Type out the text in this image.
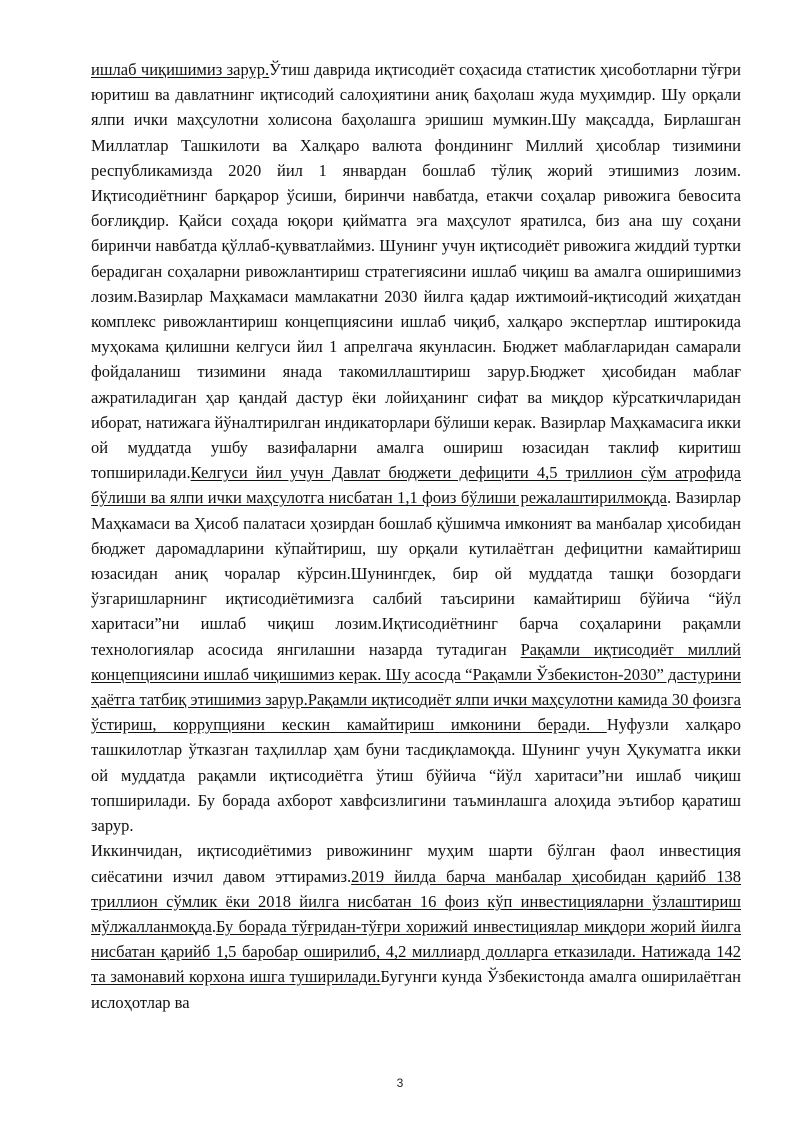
ишлаб чиқишимиз зарур.Ўтиш даврида иқтисодиёт соҳасида статистик ҳисоботларни тўғри юритиш ва давлатнинг иқтисодий салоҳиятини аниқ баҳолаш жуда муҳимдир. Шу орқали ялпи ички маҳсулотни холисона баҳолашга эришиш мумкин.Шу мақсадда, Бирлашган Миллатлар Ташкилоти ва Халқаро валюта фондининг Миллий ҳисоблар тизимини республикамизда 2020 йил 1 январдан бошлаб тўлиқ жорий этишимиз лозим. Иқтисодиётнинг барқарор ўсиши, биринчи навбатда, етакчи соҳалар ривожига бевосита боғлиқдир. Қайси соҳада юқори қийматга эга маҳсулот яратилса, биз ана шу соҳани биринчи навбатда қўллаб-қувватлаймиз. Шунинг учун иқтисодиёт ривожига жиддий туртки берадиган соҳаларни ривожлантириш стратегиясини ишлаб чиқиш ва амалга оширишимиз лозим.Вазирлар Маҳкамаси мамлакатни 2030 йилга қадар ижтимоий-иқтисодий жиҳатдан комплекс ривожлантириш концепциясини ишлаб чиқиб, халқаро экспертлар иштирокида муҳокама қилишни келгуси йил 1 апрелгача якунласин. Бюджет маблағларидан самарали фойдаланиш тизимини янада такомиллаштириш зарур.Бюджет ҳисобидан маблағ ажратиладиган ҳар қандай дастур ёки лойиҳанинг сифат ва миқдор кўрсаткичларидан иборат, натижага йўналтирилган индикаторлари бўлиши керак. Вазирлар Маҳкамасига икки ой муддатда ушбу вазифаларни амалга ошириш юзасидан таклиф киритиш топширилади.Келгуси йил учун Давлат бюджети дефицити 4,5 триллион сўм атрофида бўлиши ва ялпи ички маҳсулотга нисбатан 1,1 фоиз бўлиши режалаштирилмоқда. Вазирлар Маҳкамаси ва Ҳисоб палатаси ҳозирдан бошлаб қўшимча имконият ва манбалар ҳисобидан бюджет даромадларини кўпайтириш, шу орқали кутилаётган дефицитни камайтириш юзасидан аниқ чоралар кўрсин.Шунингдек, бир ой муддатда ташқи бозордаги ўзгаришларнинг иқтисодиётимизга салбий таъсирини камайтириш бўйича “йўл харитаси”ни ишлаб чиқиш лозим.Иқтисодиётнинг барча соҳаларини рақамли технологиялар асосида янгилашни назарда тутадиган Рақамли иқтисодиёт миллий концепциясини ишлаб чиқишимиз керак. Шу асосда “Рақамли Ўзбекистон-2030” дастурини ҳаётга татбиқ этишимиз зарур.Рақамли иқтисодиёт ялпи ички маҳсулотни камида 30 фоизга ўстириш, коррупцияни кескин камайтириш имконини беради. Нуфузли халқаро ташкилотлар ўтказган таҳлиллар ҳам буни тасдиқламоқда. Шунинг учун Ҳукуматга икки ой муддатда рақамли иқтисодиётга ўтиш бўйича “йўл харитаси”ни ишлаб чиқиш топширилади. Бу борада ахборот хавфсизлигини таъминлашга алоҳида эътибор қаратиш зарур.

Иккинчидан, иқтисодиётимиз ривожининг муҳим шарти бўлган фаол инвестиция сиёсатини изчил давом эттирамиз.2019 йилда барча манбалар ҳисобидан қарийб 138 триллион сўмлик ёки 2018 йилга нисбатан 16 фоиз кўп инвестицияларни ўзлаштириш мўлжалланмоқда.Бу борада тўғридан-тўғри хорижий инвестициялар миқдори жорий йилга нисбатан қарийб 1,5 баробар оширилиб, 4,2 миллиард долларга етказилади. Натижада 142 та замонавий корхона ишга туширилади.Бугунги кунда Ўзбекистонда амалга оширилаётган ислоҳотлар ва

3
